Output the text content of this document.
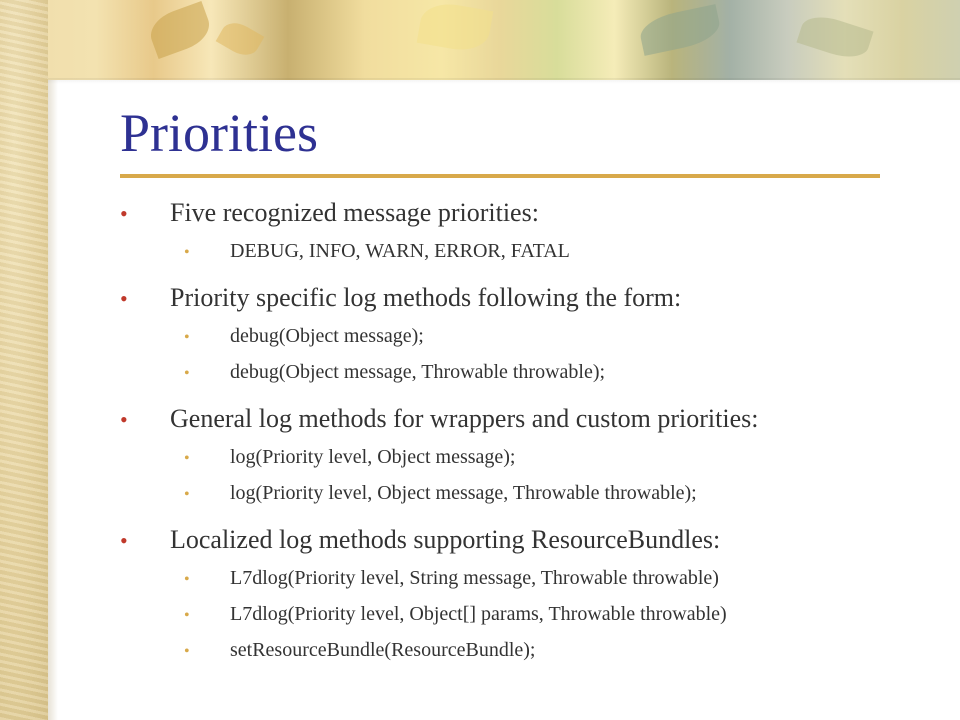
Priorities
•	Five recognized message priorities:
•	DEBUG, INFO, WARN, ERROR, FATAL
•	Priority specific log methods following the form:
•	debug(Object message);
•	debug(Object message, Throwable throwable);
•	General log methods for wrappers and custom priorities:
•	log(Priority level, Object message);
•	log(Priority level, Object message, Throwable throwable);
•	Localized log methods supporting ResourceBundles:
•	L7dlog(Priority level, String message, Throwable throwable)
•	L7dlog(Priority level, Object[] params, Throwable throwable)
•	setResourceBundle(ResourceBundle);
